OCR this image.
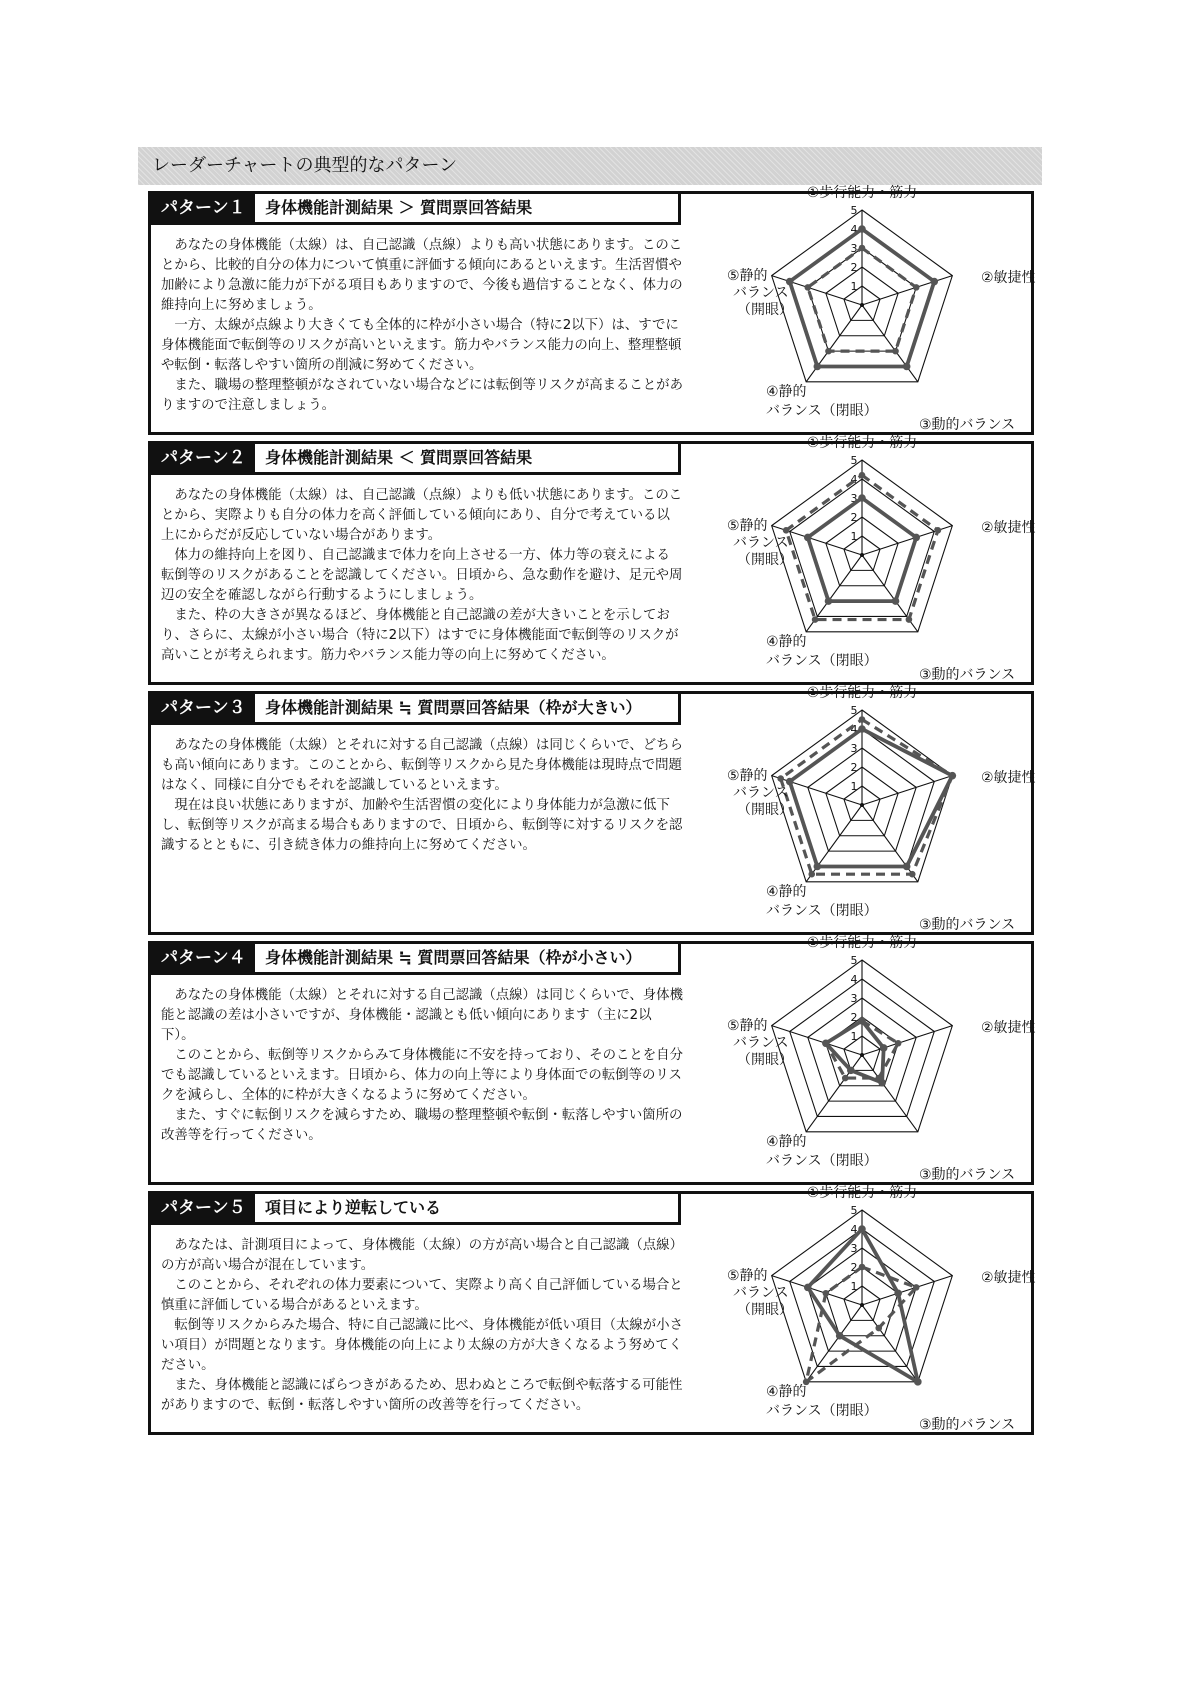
レーダーチャートの典型的なパターン
パターン１	身体機能計測結果 ＞ 質問票回答結果

あなたの身体機能（太線）は、自己認識（点線）よりも高い状態にあります。このことから、比較的自分の体力について慎重に評価する傾向にあるといえます。生活習慣や加齢により急激に能力が下がる項目もありますので、今後も過信することなく、体力の維持向上に努めましょう。

一方、太線が点線より大きくても全体的に枠が小さい場合（特に2以下）は、すでに身体機能面で転倒等のリスクが高いといえます。筋力やバランス能力の向上、整理整頓や転倒・転落しやすい箇所の削減に努めてください。

また、職場の整理整頓がなされていない場合などには転倒等リスクが高まることがありますので注意しましょう。

1
2
3
4
5
①歩行能力・筋力
②敏捷性
③動的バランス
④静的
バランス（閉眼）
⑤静的
バランス
（開眼）
パターン２	身体機能計測結果 ＜ 質問票回答結果

あなたの身体機能（太線）は、自己認識（点線）よりも低い状態にあります。このことから、実際よりも自分の体力を高く評価している傾向にあり、自分で考えている以上にからだが反応していない場合があります。

体力の維持向上を図り、自己認識まで体力を向上させる一方、体力等の衰えによる転倒等のリスクがあることを認識してください。日頃から、急な動作を避け、足元や周辺の安全を確認しながら行動するようにしましょう。

また、枠の大きさが異なるほど、身体機能と自己認識の差が大きいことを示しており、さらに、太線が小さい場合（特に2以下）はすでに身体機能面で転倒等のリスクが高いことが考えられます。筋力やバランス能力等の向上に努めてください。

1
2
3
4
5
①歩行能力・筋力
②敏捷性
③動的バランス
④静的
バランス（閉眼）
⑤静的
バランス
（開眼）
パターン３	身体機能計測結果 ≒ 質問票回答結果（枠が大きい）

あなたの身体機能（太線）とそれに対する自己認識（点線）は同じくらいで、どちらも高い傾向にあります。このことから、転倒等リスクから見た身体機能は現時点で問題はなく、同様に自分でもそれを認識しているといえます。

現在は良い状態にありますが、加齢や生活習慣の変化により身体能力が急激に低下し、転倒等リスクが高まる場合もありますので、日頃から、転倒等に対するリスクを認識するとともに、引き続き体力の維持向上に努めてください。

1
2
3
4
5
①歩行能力・筋力
②敏捷性
③動的バランス
④静的
バランス（閉眼）
⑤静的
バランス
（開眼）
パターン４	身体機能計測結果 ≒ 質問票回答結果（枠が小さい）

あなたの身体機能（太線）とそれに対する自己認識（点線）は同じくらいで、身体機能と認識の差は小さいですが、身体機能・認識とも低い傾向にあります（主に2以下）。

このことから、転倒等リスクからみて身体機能に不安を持っており、そのことを自分でも認識しているといえます。日頃から、体力の向上等により身体面での転倒等のリスクを減らし、全体的に枠が大きくなるように努めてください。

また、すぐに転倒リスクを減らすため、職場の整理整頓や転倒・転落しやすい箇所の改善等を行ってください。

1
2
3
4
5
①歩行能力・筋力
②敏捷性
③動的バランス
④静的
バランス（閉眼）
⑤静的
バランス
（開眼）
パターン５	項目により逆転している

あなたは、計測項目によって、身体機能（太線）の方が高い場合と自己認識（点線）の方が高い場合が混在しています。

このことから、それぞれの体力要素について、実際より高く自己評価している場合と慎重に評価している場合があるといえます。

転倒等リスクからみた場合、特に自己認識に比べ、身体機能が低い項目（太線が小さい項目）が問題となります。身体機能の向上により太線の方が大きくなるよう努めてください。

また、身体機能と認識にばらつきがあるため、思わぬところで転倒や転落する可能性がありますので、転倒・転落しやすい箇所の改善等を行ってください。

1
2
3
4
5
①歩行能力・筋力
②敏捷性
③動的バランス
④静的
バランス（閉眼）
⑤静的
バランス
（開眼）
